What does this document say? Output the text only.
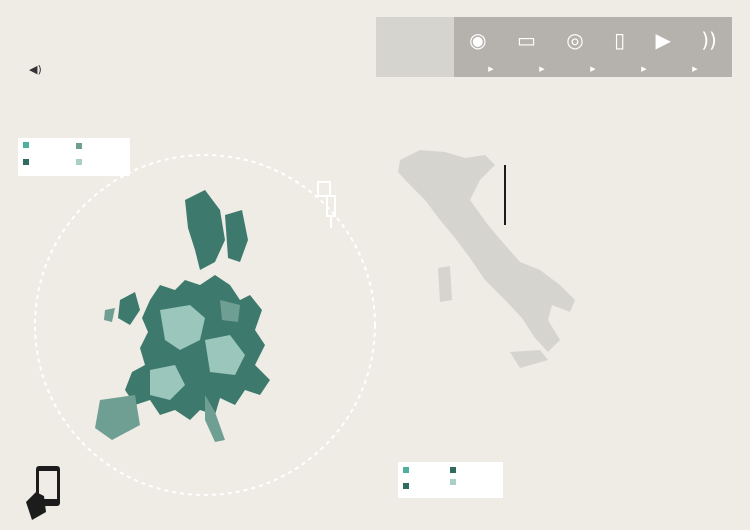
◀)
◉ ▭ ◎ ▯ ▶ ))
▶	▶	▶	▶	▶
